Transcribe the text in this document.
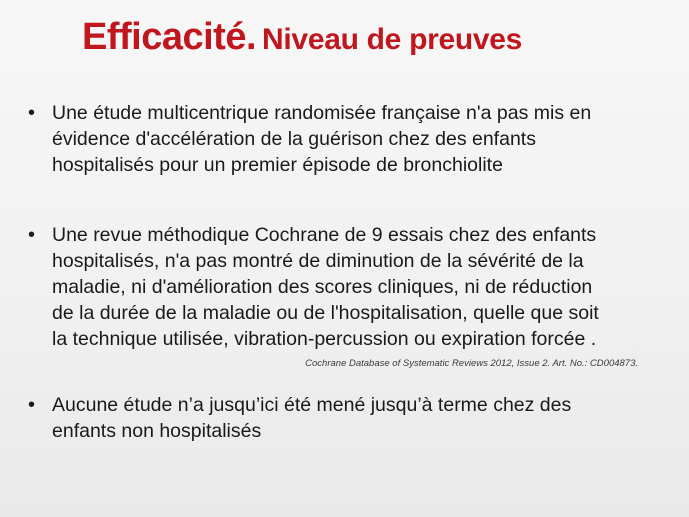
Efficacité. Niveau de preuves
• Une étude multicentrique randomisée française n'a pas mis en
évidence d'accélération de la guérison chez des enfants
hospitalisés pour un premier épisode de bronchiolite
• Une revue méthodique Cochrane de 9 essais chez des enfants
hospitalisés, n'a pas montré de diminution de la sévérité de la
maladie, ni d'amélioration des scores cliniques, ni de réduction
de la durée de la maladie ou de l'hospitalisation, quelle que soit
la technique utilisée, vibration-percussion ou expiration forcée .
Cochrane Database of Systematic Reviews 2012, Issue 2. Art. No.: CD004873.
• Aucune étude n’a jusqu’ici été mené jusqu’à terme chez des
enfants non hospitalisés
